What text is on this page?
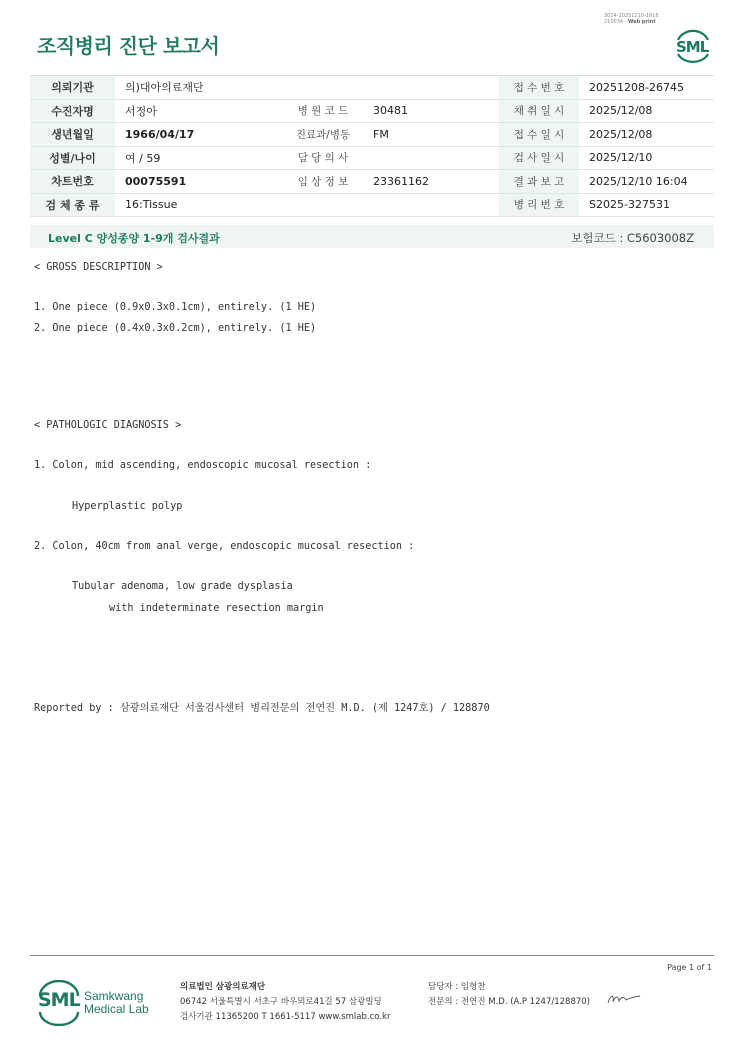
3014-20251210-1616
210034 · Web print
조직병리 진단 보고서	SML
의뢰기관	의)대아의료재단			접 수 번 호	20251208-26745
수진자명	서정아	병 원 코 드	30481	채 취 일 시	2025/12/08
생년월일	1966/04/17	진료과/병동	FM	접 수 일 시	2025/12/08
성별/나이	여 / 59	담 당 의 사		검 사 일 시	2025/12/10
차트번호	00075591	임 상 정 보	23361162	결 과 보 고	2025/12/10 16:04
검 체 종 류	16:Tissue			병 리 번 호	S2025-327531
Level C 양성종양 1-9개 검사결과	보험코드 : C5603008Z
< GROSS DESCRIPTION >
1. One piece (0.9x0.3x0.1cm), entirely. (1 HE)
2. One piece (0.4x0.3x0.2cm), entirely. (1 HE)
< PATHOLOGIC DIAGNOSIS >
1. Colon, mid ascending, endoscopic mucosal resection :
Hyperplastic polyp
2. Colon, 40cm from anal verge, endoscopic mucosal resection :
Tubular adenoma, low grade dysplasia
with indeterminate resection margin
Reported by : 삼광의료재단 서울검사센터 병리전문의 전연진 M.D. (제 1247호) / 128870
Page 1 of 1
SML Samkwang
Medical Lab
의료법인 삼광의료재단
06742 서울특별시 서초구 바우뫼로41길 57 삼광빌딩
검사기관 11365200 T 1661-5117 www.smlab.co.kr
담당자 : 임형찬
전문의 : 전연진 M.D. (A.P 1247/128870)
